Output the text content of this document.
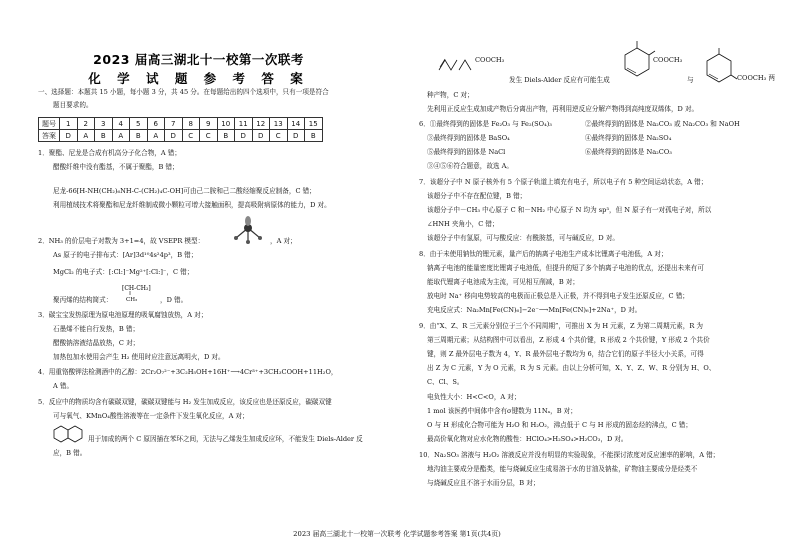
2023 届高三湖北十一校第一次联考
化 学 试 题 参 考 答 案
一、选择题：本题共 15 小题，每小题 3 分，共 45 分。在每题给出的四个选项中，只有一项是符合
题目要求的。
题号	1	2	3	4	5	6	7	8	9	10	11	12	13	14	15
答案	D	A	B	A	B	A	D	C	C	B	D	D	C	D	B
1．聚酯、尼龙是合成有机高分子化合物，A 错；
醋酸纤维中没有酯基，不属于聚酯，B 错；
尼龙-66[H-NH(CH₂)₆NH-C-(CH₂)₄C-OH]可由己二胺和己二酸经缩聚反应制备，C 错；
利用植绒技术将聚酯和尼龙纤维制成微小颗粒可增大接触面积，提高吸附病原体的能力，D 对。
2．NH₃ 的价层电子对数为 3+1=4，故 VSEPR 模型：	，A 对；
As 原子的电子排布式：[Ar]3d¹⁰4s²4p³，B 错；
MgCl₂ 的电子式：[:Cl:]⁻Mg²⁺[:Cl:]⁻，C 错；
[CH-CH₂]
CH₃
聚丙烯的结构简式：	，D 错。
3．碳宝宝发热原理为原电池原理的吸氧腐蚀放热，A 对；
石墨烯不能自行发热，B 错；
醋酸钠溶液结晶放热，C 对；
加热包加水使用会产生 H₂ 使用时应注意远离明火，D 对。
4．用重铬酸钾法检测酒中的乙醇：2Cr₂O₇²⁻+3C₂H₅OH+16H⁺⟶4Cr³⁺+3CH₃COOH+11H₂O，
A 错。
5．反应中的物质均含有碳碳双键，碳碳双键能与 H₂ 发生加成反应，该反应也是还原反应，碳碳双键
可与氧气、KMnO₄酸性溶液等在一定条件下发生氧化反应，A 对；
用于加成的两个 C 原因插在苯环之间，无法与乙烯发生加成反应环，不能发生 Diels-Alder 反
应，B 错。
COOCH₃
发生 Diels-Alder 反应有可能生成
COOCH₃
与	COOCH₃ 两
种产物，C 对；
先利用正反应生成加成产物后分离出产物，再利用逆反应分解产物得到高纯度双烯体，D 对。
6．①最终得到的固体是 Fe₂O₃ 与 Fe₂(SO₄)₃	②最终得到的固体是 Na₂CO₃ 或 Na₂CO₃ 和 NaOH
③最终得到的固体是 BaSO₄	④最终得到的固体是 Na₂SO₄
⑤最终得到的固体是 NaCl	⑥最终得到的固体是 Na₂CO₃
③④⑤⑥符合题意，故选 A。
7．该超分子中 N 原子核外有 5 个原子轨道上填充有电子，所以电子有 5 种空间运动状态，A 错；
该超分子中不存在配位键，B 错；
该超分子中－CH₃ 中心原子 C 和－NH₂ 中心原子 N 均为 sp³，但 N 原子有一对孤电子对，所以
∠HNH 夹角小，C 错；
该超分子中有氢原，可与酸反应：有酰胺基，可与碱反应，D 对。
8．由于未使用钠钛的锂元素，量产后的钠离子电池生产成本比锂离子电池低，A 对；
钠离子电池的能量密度比锂离子电池低，但提升的短了多个钠离子电池的优点，还提出未来有可
能取代锂离子电池成为主流，可见相互削减，B 对；
放电时 Na⁺ 移向电势较高的电极而正极总是入正极，并不得到电子发生还原反应，C 错；
充电反应式：Na₂Mn[Fe(CN)₆]−2e⁻⟶Mn[Fe(CN)₆]+2Na⁺，D 对。
9．由“X、Z、R 三元素分别位于三个不同周期”，可推出 X 为 H 元素，Z 为第二周期元素，R 为
第三周期元素；从结构图中可以看出，Z 形成 4 个共价键，R 形成 2 个共价键，Y 形成 2 个共价
键，则 Z 最外层电子数为 4，Y、R 最外层电子数均为 6，结合它们的原子半径大小关系，可得
出 Z 为 C 元素，Y 为 O 元素，R 为 S 元素。由以上分析可知，X、Y、Z、W、R 分别为 H、O、
C、Cl、S。
电负性大小：H<C<O，A 对；
1 mol 该医药中间体中含有σ键数为 11Nₐ，B 对；
O 与 H 形成化合物可能为 H₂O 和 H₂O₂，沸点低于 C 与 H 形成的固态烃的沸点，C 错；
最高价氧化物对应水化物的酸性：HClO₄>H₂SO₄>H₂CO₃，D 对。
10．Na₂SO₃ 溶液与 H₂O₂ 溶液反应并没有明显的实验现象，不能探讨浓度对反应速率的影响，A 错；
地沟油主要成分是酯类，能与烧碱反应生成易溶于水的甘油及钠盐，矿物油主要成分是烃类不
与烧碱反应且不溶于水而分层，B 对；
2023 届高三湖北十一校第一次联考 化学试题参考答案 第1页(共4页)
